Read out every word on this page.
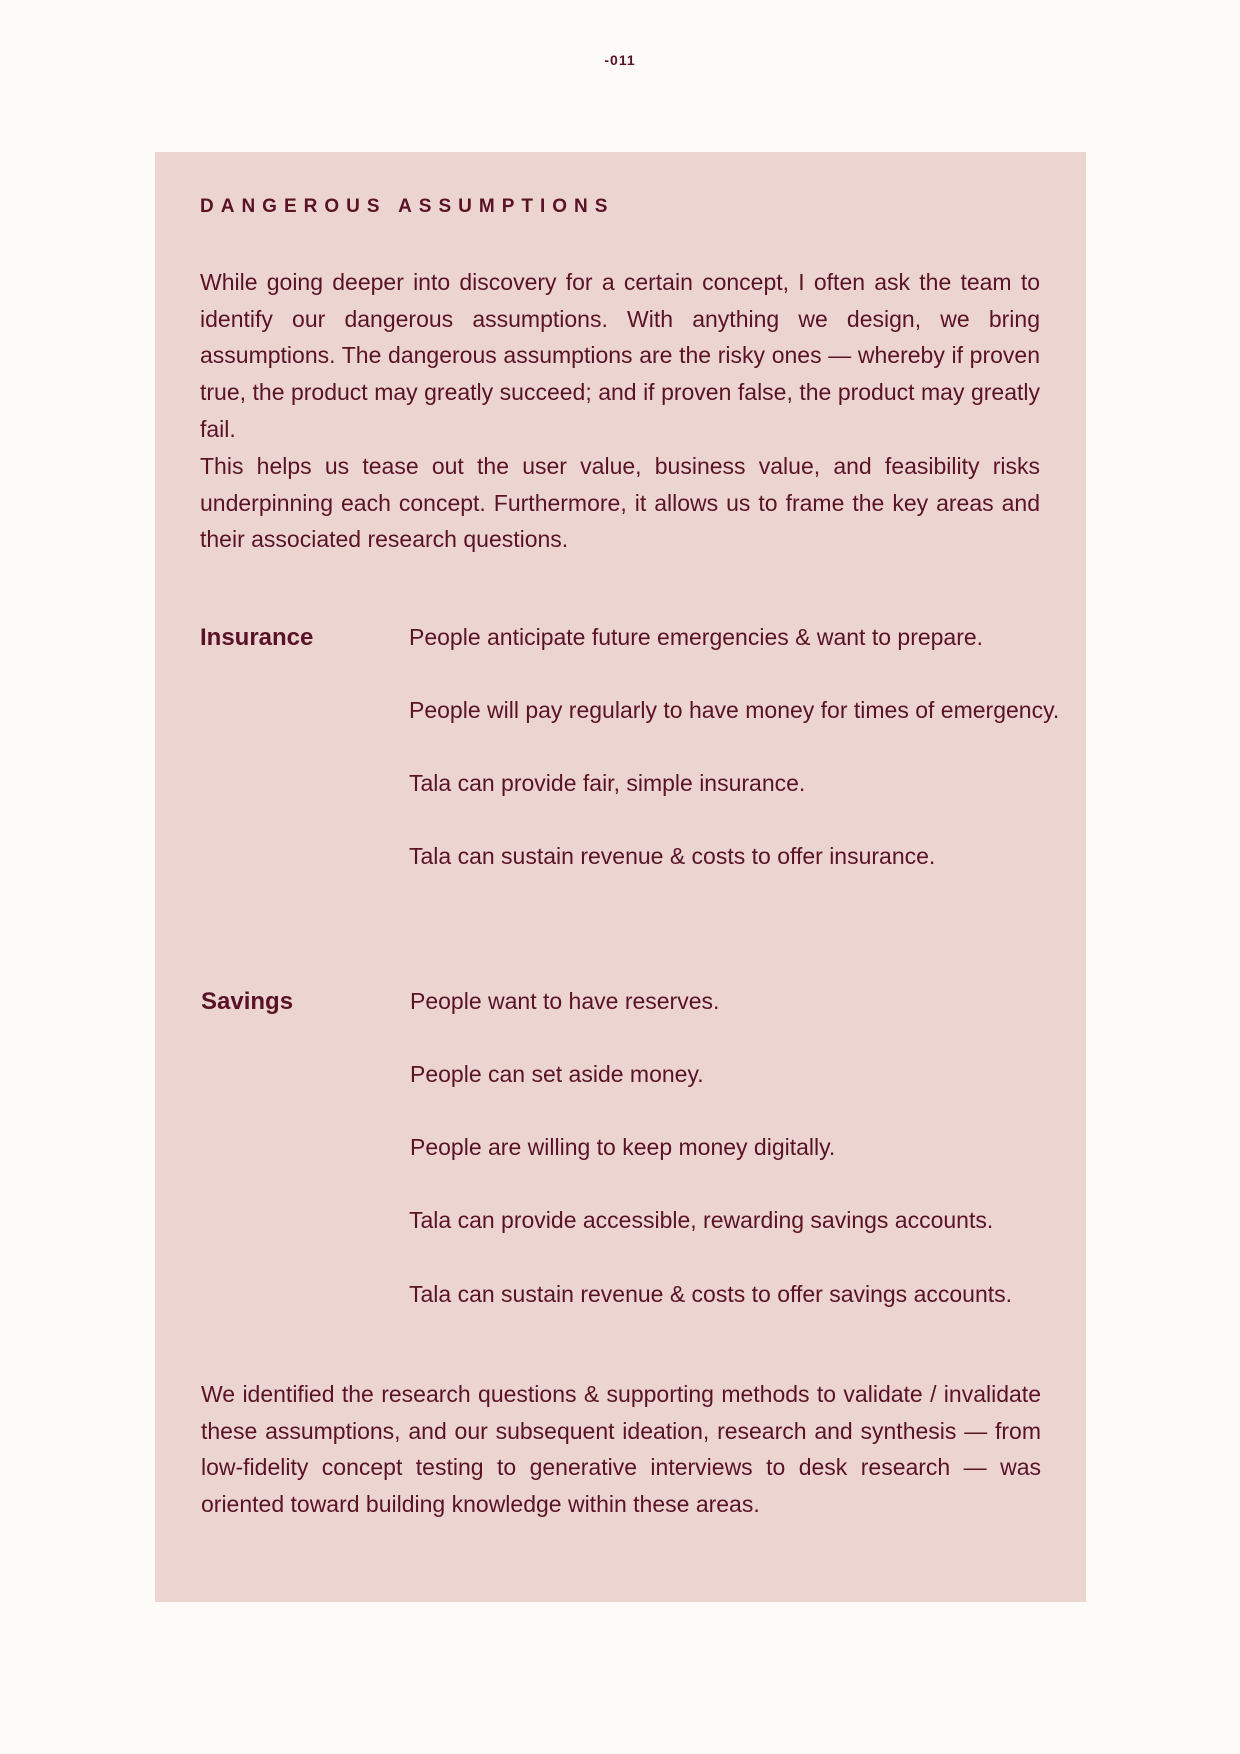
-011
DANGEROUS ASSUMPTIONS
While going deeper into discovery for a certain concept, I often ask the team to identify our dangerous assumptions. With anything we design, we bring assumptions. The dangerous assumptions are the risky ones — whereby if proven true, the product may greatly succeed; and if proven false, the product may greatly fail.
This helps us tease out the user value, business value, and feasibility risks underpinning each concept. Furthermore, it allows us to frame the key areas and their associated research questions.
Insurance	People anticipate future emergencies & want to prepare.
People will pay regularly to have money for times of emergency.
Tala can provide fair, simple insurance.
Tala can sustain revenue & costs to offer insurance.
Savings	People want to have reserves.
People can set aside money.
People are willing to keep money digitally.
Tala can provide accessible, rewarding savings accounts.
Tala can sustain revenue & costs to offer savings accounts.
We identified the research questions & supporting methods to validate / invalidate these assumptions, and our subsequent ideation, research and synthesis — from low-fidelity concept testing to generative interviews to desk research — was oriented toward building knowledge within these areas.
